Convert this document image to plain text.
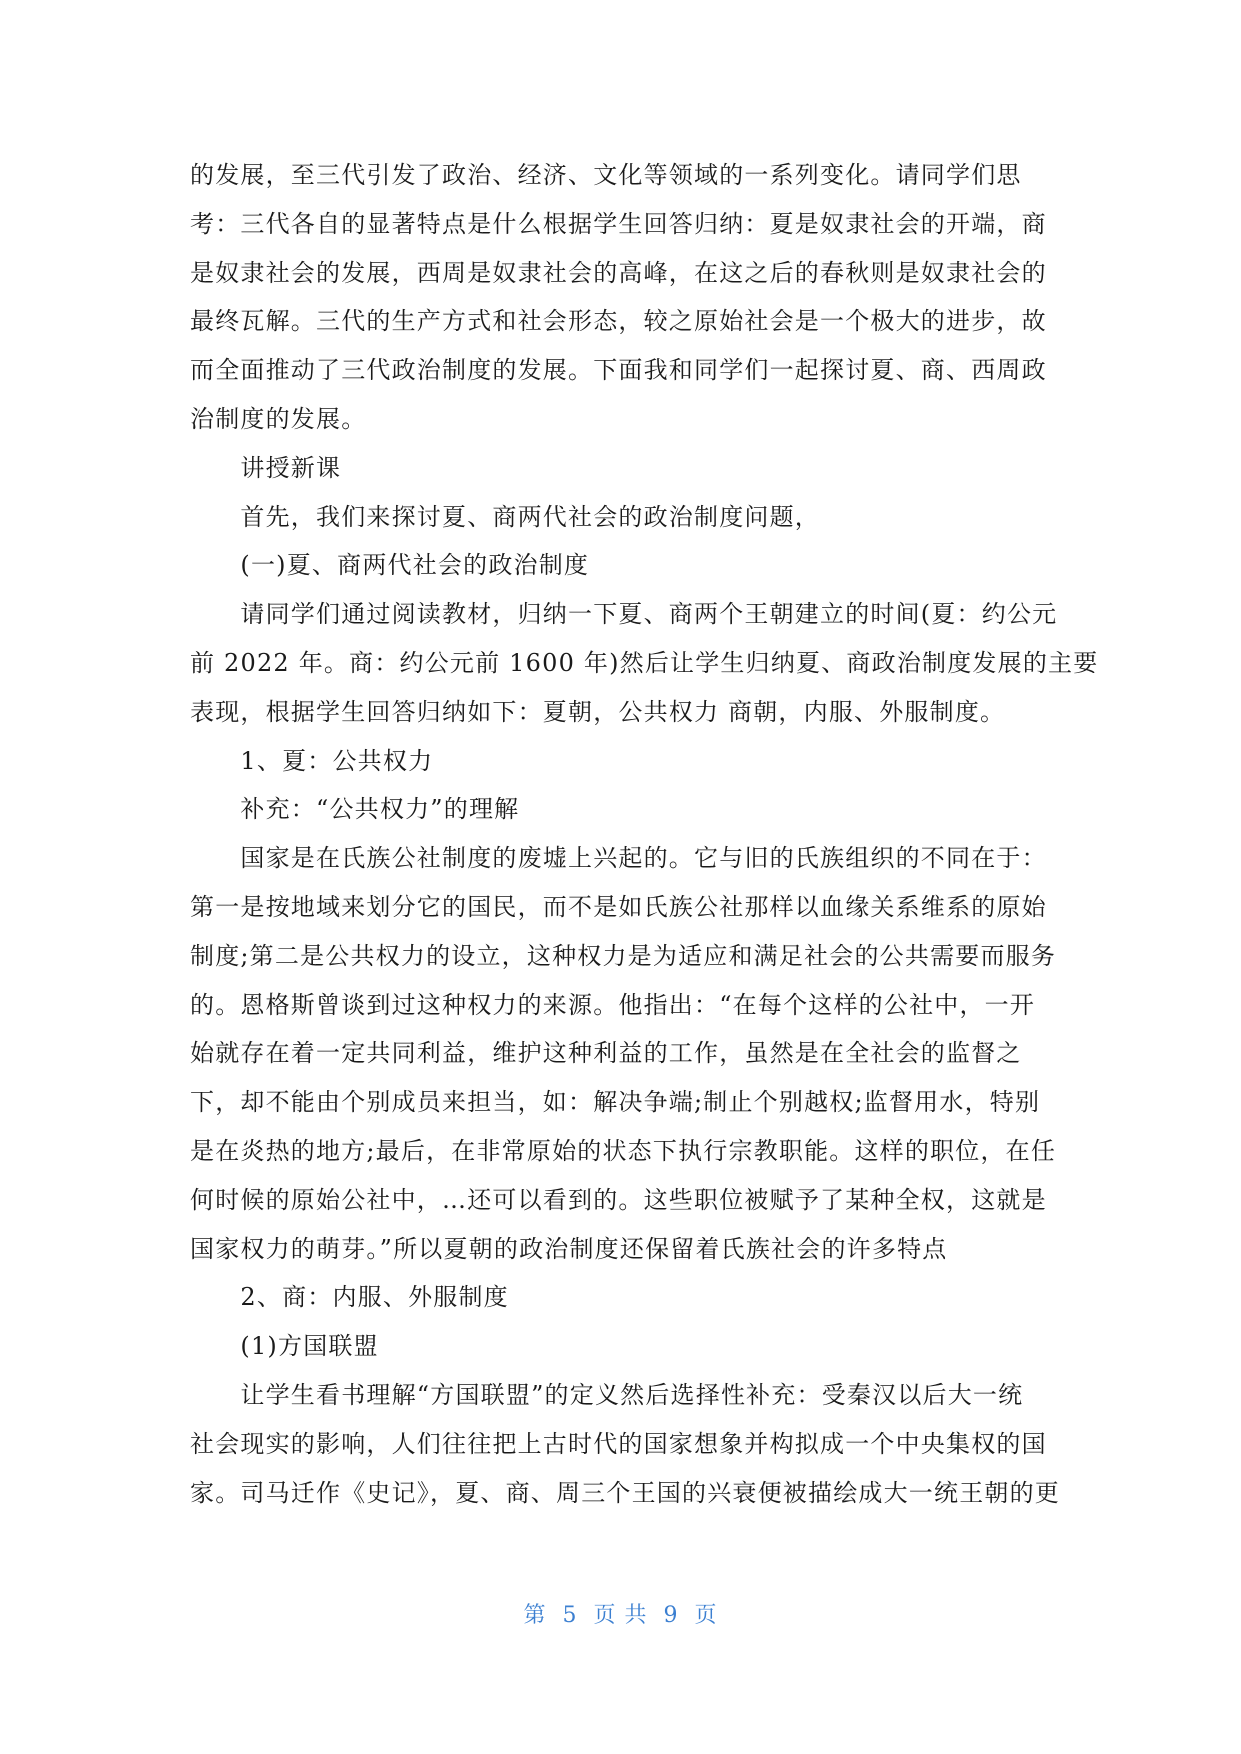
的发展，至三代引发了政治、经济、文化等领域的一系列变化。请同学们思
考：三代各自的显著特点是什么根据学生回答归纳：夏是奴隶社会的开端，商
是奴隶社会的发展，西周是奴隶社会的高峰，在这之后的春秋则是奴隶社会的
最终瓦解。三代的生产方式和社会形态，较之原始社会是一个极大的进步，故
而全面推动了三代政治制度的发展。下面我和同学们一起探讨夏、商、西周政
治制度的发展。
　　讲授新课
　　首先，我们来探讨夏、商两代社会的政治制度问题，
　　(一)夏、商两代社会的政治制度
　　请同学们通过阅读教材，归纳一下夏、商两个王朝建立的时间(夏：约公元
前 2022 年。商：约公元前 1600 年)然后让学生归纳夏、商政治制度发展的主要
表现，根据学生回答归纳如下：夏朝，公共权力 商朝，内服、外服制度。
　　1、夏：公共权力
　　补充：“公共权力”的理解
　　国家是在氏族公社制度的废墟上兴起的。它与旧的氏族组织的不同在于：
第一是按地域来划分它的国民，而不是如氏族公社那样以血缘关系维系的原始
制度;第二是公共权力的设立，这种权力是为适应和满足社会的公共需要而服务
的。恩格斯曾谈到过这种权力的来源。他指出：“在每个这样的公社中，一开
始就存在着一定共同利益，维护这种利益的工作，虽然是在全社会的监督之
下，却不能由个别成员来担当，如：解决争端;制止个别越权;监督用水，特别
是在炎热的地方;最后，在非常原始的状态下执行宗教职能。这样的职位，在任
何时候的原始公社中，…还可以看到的。这些职位被赋予了某种全权，这就是
国家权力的萌芽。”所以夏朝的政治制度还保留着氏族社会的许多特点
　　2、商：内服、外服制度
　　(1)方国联盟
　　让学生看书理解“方国联盟”的定义然后选择性补充：受秦汉以后大一统
社会现实的影响，人们往往把上古时代的国家想象并构拟成一个中央集权的国
家。司马迁作《史记》，夏、商、周三个王国的兴衰便被描绘成大一统王朝的更
第  5  页 共  9  页
